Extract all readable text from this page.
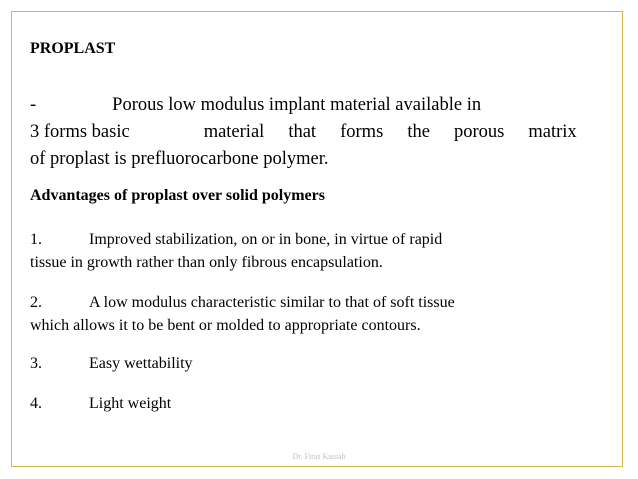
PROPLAST
-	Porous low modulus implant material available in
3 forms basic	material that forms the porous matrix
of proplast is prefluorocarbone polymer.
Advantages of proplast over solid polymers
1.	Improved stabilization, on or in bone, in virtue of rapid
tissue in growth rather than only fibrous encapsulation.
2.	A low modulus characteristic similar to that of soft tissue
which allows it to be bent or molded to appropriate contours.
3.	Easy wettability
4.	Light weight
Dr. Firas Kassab
